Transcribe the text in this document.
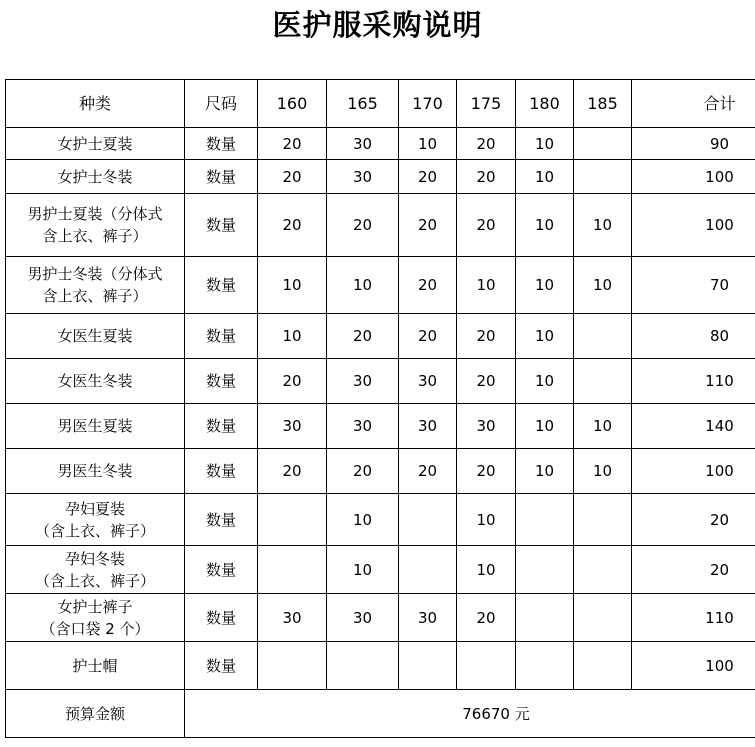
医护服采购说明
种类	尺码	160	165	170	175	180	185	合计

女护士夏装	数量	20	30	10	20	10		90

女护士冬装	数量	20	30	20	20	10		100

男护士夏装（分体式
含上衣、裤子）	数量	20	20	20	20	10	10	100

男护士冬装（分体式
含上衣、裤子）	数量	10	10	20	10	10	10	70

女医生夏装	数量	10	20	20	20	10		80

女医生冬装	数量	20	30	30	20	10		110

男医生夏装	数量	30	30	30	30	10	10	140

男医生冬装	数量	20	20	20	20	10	10	100

孕妇夏装
（含上衣、裤子）	数量		10		10			20

孕妇冬装
（含上衣、裤子）	数量		10		10			20

女护士裤子
（含口袋 2 个）	数量	30	30	30	20			110

护士帽	数量							100
预算金额	76670 元							
